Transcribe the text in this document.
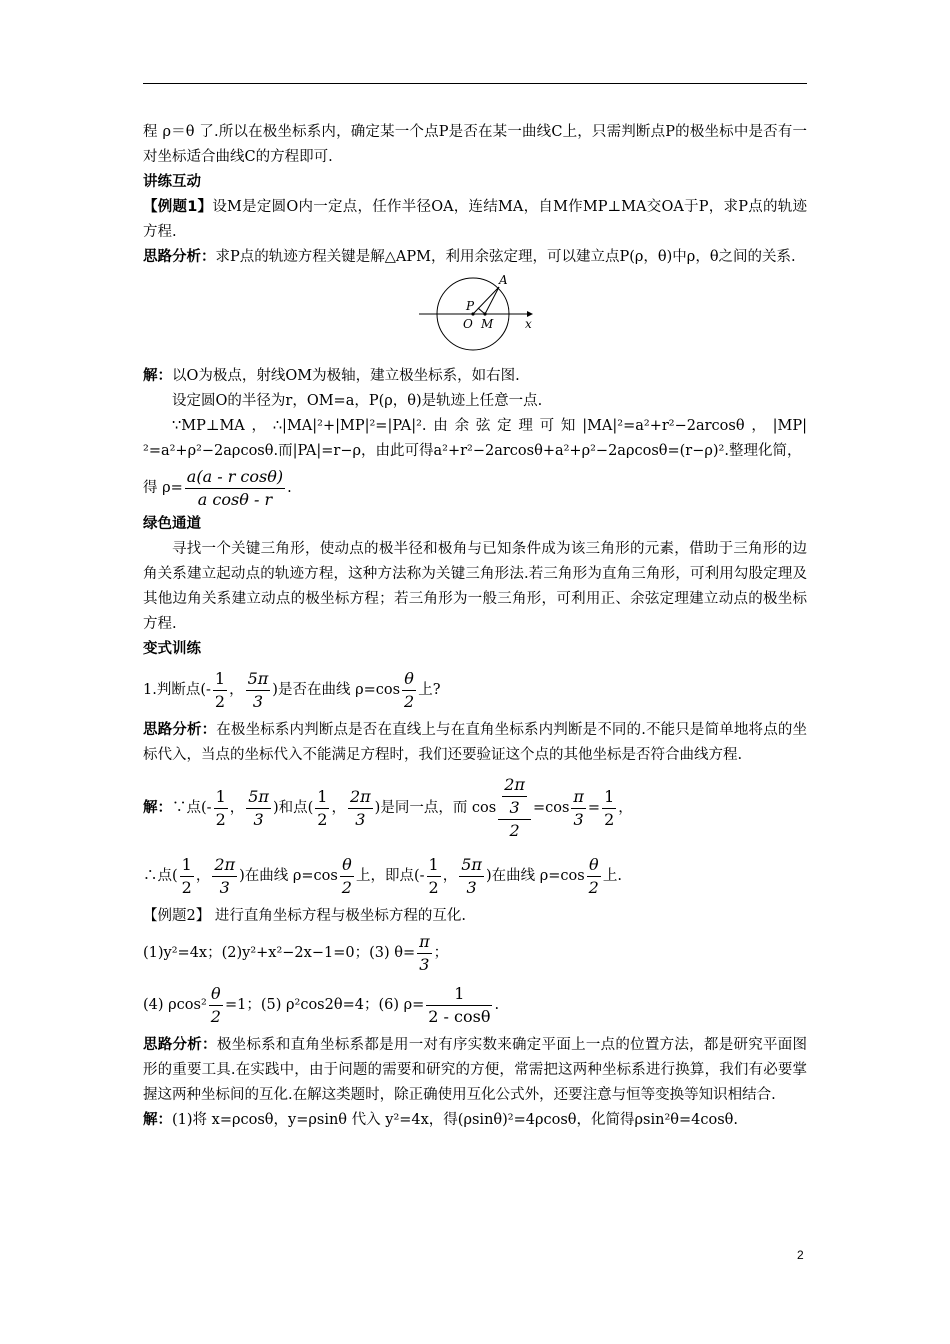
程 ρ＝θ 了.所以在极坐标系内，确定某一个点P是否在某一曲线C上，只需判断点P的极坐标中是否有一对坐标适合曲线C的方程即可.

讲练互动

【例题1】设M是定圆O内一定点，任作半径OA，连结MA，自M作MP⊥MA交OA于P，求P点的轨迹方程.

思路分析：求P点的轨迹方程关键是解△APM，利用余弦定理，可以建立点P(ρ，θ)中ρ，θ之间的关系.

A
P
O M	x

解：以O为极点，射线OM为极轴，建立极坐标系，如右图.

设定圆O的半径为r，OM=a，P(ρ，θ)是轨迹上任意一点.

∵MP⊥MA，∴|MA|²+|MP|²=|PA|².由余弦定理可知|MA|²=a²+r²−2arcosθ，|MP|²=a²+ρ²−2aρcosθ.而|PA|=r−ρ，由此可得a²+r²−2arcosθ+a²+ρ²−2aρcosθ=(r−ρ)².整理化简，

得 $\rho= \frac{\text{a(a - r cosθ)}}{\text{a cosθ - r}}$ .

绿色通道

寻找一个关键三角形，使动点的极半径和极角与已知条件成为该三角形的元素，借助于三角形的边角关系建立起动点的轨迹方程，这种方法称为关键三角形法.若三角形为直角三角形，可利用勾股定理及其他边角关系建立动点的极坐标方程；若三角形为一般三角形，可利用正、余弦定理建立动点的极坐标方程.

变式训练

1.判断点(- $\frac{1}{2}$ ， $\frac{5\pi}{3}$ )是否在曲线 $\rho=\cos \frac{\theta}{2}$ 上?

思路分析：在极坐标系内判断点是否在直线上与在直角坐标系内判断是不同的.不能只是简单地将点的坐标代入，当点的坐标代入不能满足方程时，我们还要验证这个点的其他坐标是否符合曲线方程.

解：∵点(- $\frac{1}{2}$ ， $\frac{5\pi}{3}$ )和点( $\frac{1}{2}$ ， $\frac{2\pi}{3}$ )是同一点，而 $\cos \frac{\frac{2\pi}{3}}{2} =\cos \frac{\pi}{3} = \frac{1}{2}$ ，

∴点( $\frac{1}{2}$ ， $\frac{2\pi}{3}$ )在曲线 $\rho=\cos \frac{\theta}{2}$ 上，即点(- $\frac{1}{2}$ ， $\frac{5\pi}{3}$ )在曲线 $\rho=\cos \frac{\theta}{2}$ 上.

【例题2】 进行直角坐标方程与极坐标方程的互化.

(1)y²=4x；(2)y²+x²−2x−1=0；(3) $\theta= \frac{\pi}{3}$ ；

(4) $\rho\cos^2 \frac{\theta}{2} =1$；(5) ρ²cos2θ=4；(6) $\rho= \frac{1}{2 - \cos\theta}$ .

思路分析：极坐标系和直角坐标系都是用一对有序实数来确定平面上一点的位置方法，都是研究平面图形的重要工具.在实践中，由于问题的需要和研究的方便，常需把这两种坐标系进行换算，我们有必要掌握这两种坐标间的互化.在解这类题时，除正确使用互化公式外，还要注意与恒等变换等知识相结合.

解：(1)将 x=ρcosθ，y=ρsinθ 代入 y²=4x，得(ρsinθ)²=4ρcosθ，化简得ρsin²θ=4cosθ.

2
